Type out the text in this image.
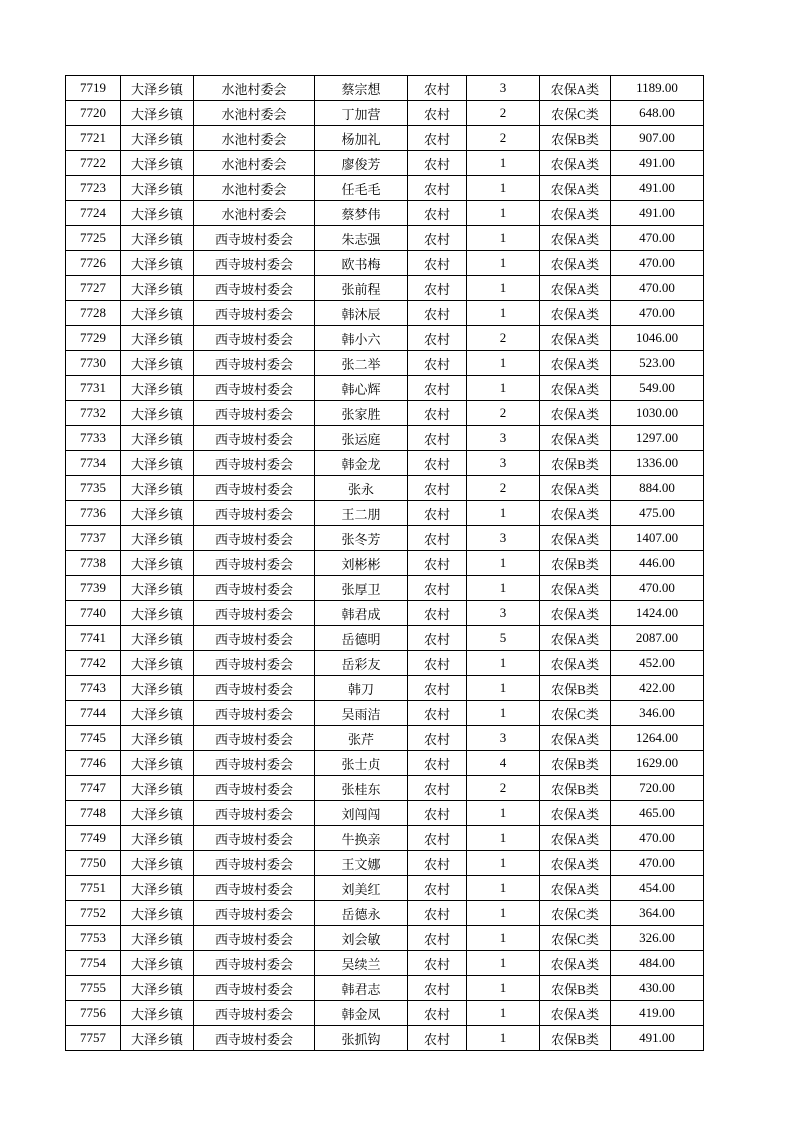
7719	大泽乡镇	水池村委会	蔡宗想	农村	3	农保A类	1189.00
7720	大泽乡镇	水池村委会	丁加营	农村	2	农保C类	648.00
7721	大泽乡镇	水池村委会	杨加礼	农村	2	农保B类	907.00
7722	大泽乡镇	水池村委会	廖俊芳	农村	1	农保A类	491.00
7723	大泽乡镇	水池村委会	任毛毛	农村	1	农保A类	491.00
7724	大泽乡镇	水池村委会	蔡梦伟	农村	1	农保A类	491.00
7725	大泽乡镇	西寺坡村委会	朱志强	农村	1	农保A类	470.00
7726	大泽乡镇	西寺坡村委会	欧书梅	农村	1	农保A类	470.00
7727	大泽乡镇	西寺坡村委会	张前程	农村	1	农保A类	470.00
7728	大泽乡镇	西寺坡村委会	韩沐辰	农村	1	农保A类	470.00
7729	大泽乡镇	西寺坡村委会	韩小六	农村	2	农保A类	1046.00
7730	大泽乡镇	西寺坡村委会	张二举	农村	1	农保A类	523.00
7731	大泽乡镇	西寺坡村委会	韩心辉	农村	1	农保A类	549.00
7732	大泽乡镇	西寺坡村委会	张家胜	农村	2	农保A类	1030.00
7733	大泽乡镇	西寺坡村委会	张运庭	农村	3	农保A类	1297.00
7734	大泽乡镇	西寺坡村委会	韩金龙	农村	3	农保B类	1336.00
7735	大泽乡镇	西寺坡村委会	张永	农村	2	农保A类	884.00
7736	大泽乡镇	西寺坡村委会	王二朋	农村	1	农保A类	475.00
7737	大泽乡镇	西寺坡村委会	张冬芳	农村	3	农保A类	1407.00
7738	大泽乡镇	西寺坡村委会	刘彬彬	农村	1	农保B类	446.00
7739	大泽乡镇	西寺坡村委会	张厚卫	农村	1	农保A类	470.00
7740	大泽乡镇	西寺坡村委会	韩君成	农村	3	农保A类	1424.00
7741	大泽乡镇	西寺坡村委会	岳德明	农村	5	农保A类	2087.00
7742	大泽乡镇	西寺坡村委会	岳彩友	农村	1	农保A类	452.00
7743	大泽乡镇	西寺坡村委会	韩刀	农村	1	农保B类	422.00
7744	大泽乡镇	西寺坡村委会	吴雨洁	农村	1	农保C类	346.00
7745	大泽乡镇	西寺坡村委会	张芹	农村	3	农保A类	1264.00
7746	大泽乡镇	西寺坡村委会	张士贞	农村	4	农保B类	1629.00
7747	大泽乡镇	西寺坡村委会	张桂东	农村	2	农保B类	720.00
7748	大泽乡镇	西寺坡村委会	刘闯闯	农村	1	农保A类	465.00
7749	大泽乡镇	西寺坡村委会	牛换亲	农村	1	农保A类	470.00
7750	大泽乡镇	西寺坡村委会	王文娜	农村	1	农保A类	470.00
7751	大泽乡镇	西寺坡村委会	刘美红	农村	1	农保A类	454.00
7752	大泽乡镇	西寺坡村委会	岳德永	农村	1	农保C类	364.00
7753	大泽乡镇	西寺坡村委会	刘会敏	农村	1	农保C类	326.00
7754	大泽乡镇	西寺坡村委会	吴续兰	农村	1	农保A类	484.00
7755	大泽乡镇	西寺坡村委会	韩君志	农村	1	农保B类	430.00
7756	大泽乡镇	西寺坡村委会	韩金凤	农村	1	农保A类	419.00
7757	大泽乡镇	西寺坡村委会	张抓钩	农村	1	农保B类	491.00
